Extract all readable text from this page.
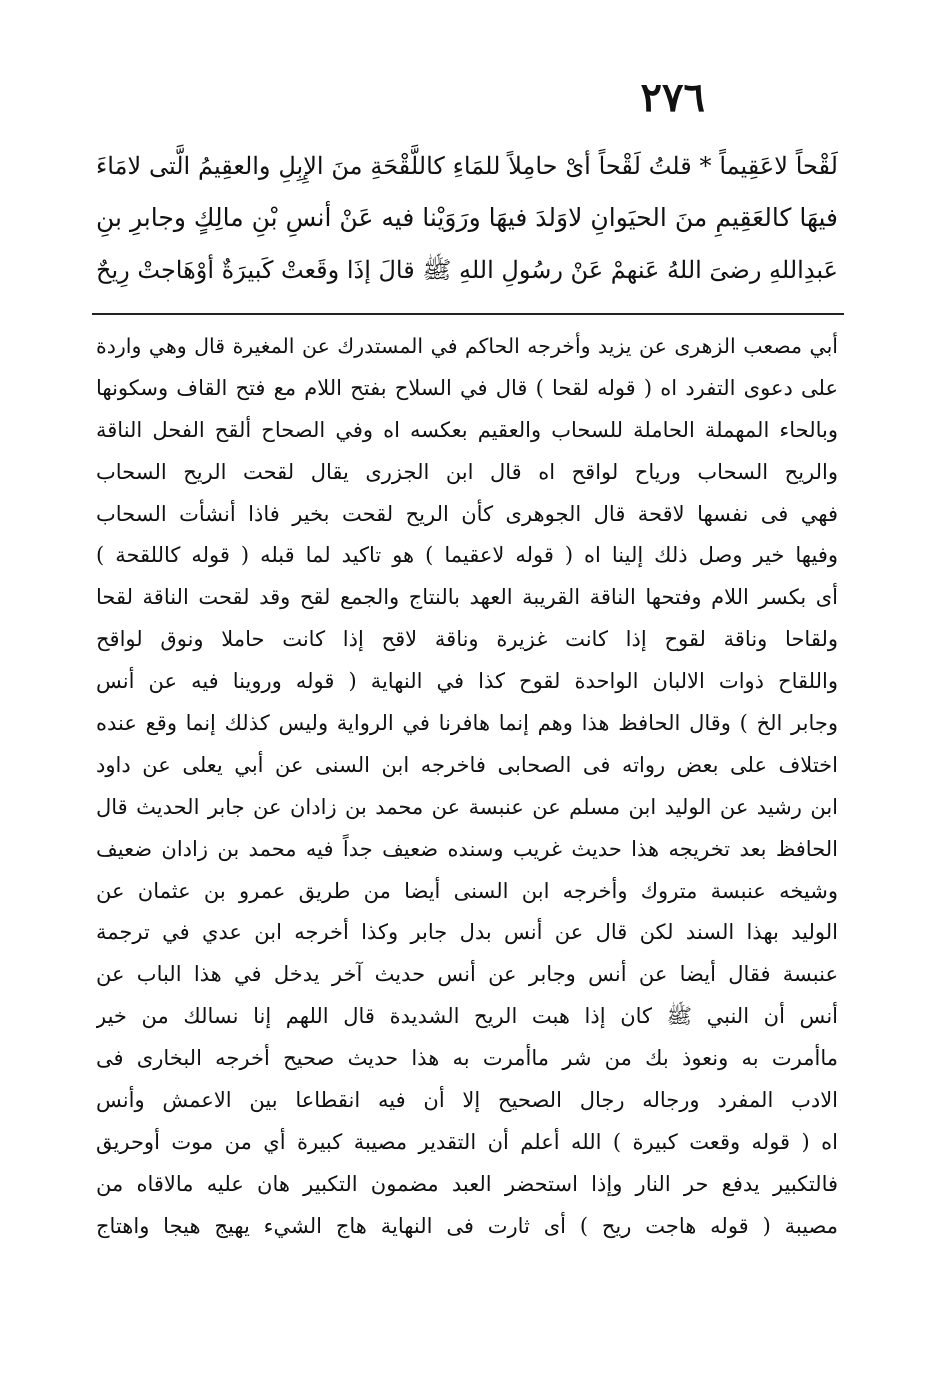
٢٧٦
لَقْحاً لاعَقِيماً * قلتُ لَقْحاً أىْ حامِلاً للمَاءِ كاللَّقْحَةِ منَ الإِبِلِ والعقِيمُ الَّتى لامَاءَ
فيهَا كالعَقِيمِ منَ الحيَوانِ لاوَلدَ فيهَا ورَوَيْنا فيه عَنْ أنسِ بْنِ مالِكٍ وجابرِ بنِ
عَبدِاللهِ رضىَ اللهُ عَنهمْ عَنْ رسُولِ اللهِ ﷺ قالَ إذَا وقَعتْ كَبيرَةٌ أوْهَاجتْ رِيحٌ
أبي مصعب الزهرى عن يزيد وأخرجه الحاكم في المستدرك عن المغيرة قال وهي واردة
على دعوى التفرد اه ( قوله لقحا ) قال في السلاح بفتح اللام مع فتح القاف وسكونها
وبالحاء المهملة الحاملة للسحاب والعقيم بعكسه اه وفي الصحاح ألقح الفحل الناقة
والريح السحاب ورياح لواقح اه قال ابن الجزرى يقال لقحت الريح السحاب
فهي فى نفسها لاقحة قال الجوهرى كأن الريح لقحت بخير فاذا أنشأت السحاب
وفيها خير وصل ذلك إلينا اه ( قوله لاعقيما ) هو تاكيد لما قبله ( قوله كاللقحة )
أى بكسر اللام وفتحها الناقة القريبة العهد بالنتاج والجمع لقح وقد لقحت الناقة لقحا
ولقاحا وناقة لقوح إذا كانت غزيرة وناقة لاقح إذا كانت حاملا ونوق لواقح
واللقاح ذوات الالبان الواحدة لقوح كذا في النهاية ( قوله وروينا فيه عن أنس
وجابر الخ ) وقال الحافظ هذا وهم إنما هافرنا في الرواية وليس كذلك إنما وقع عنده
اختلاف على بعض رواته فى الصحابى فاخرجه ابن السنى عن أبي يعلى عن داود
ابن رشيد عن الوليد ابن مسلم عن عنبسة عن محمد بن زادان عن جابر الحديث قال
الحافظ بعد تخريجه هذا حديث غريب وسنده ضعيف جداً فيه محمد بن زادان ضعيف
وشيخه عنبسة متروك وأخرجه ابن السنى أيضا من طريق عمرو بن عثمان عن
الوليد بهذا السند لكن قال عن أنس بدل جابر وكذا أخرجه ابن عدي في ترجمة
عنبسة فقال أيضا عن أنس وجابر عن أنس حديث آخر يدخل في هذا الباب عن
أنس أن النبي ﷺ كان إذا هبت الريح الشديدة قال اللهم إنا نسالك من خير
ماأمرت به ونعوذ بك من شر ماأمرت به هذا حديث صحيح أخرجه البخارى فى
الادب المفرد ورجاله رجال الصحيح إلا أن فيه انقطاعا بين الاعمش وأنس
اه ( قوله وقعت كبيرة ) الله أعلم أن التقدير مصيبة كبيرة أي من موت أوحريق
فالتكبير يدفع حر النار وإذا استحضر العبد مضمون التكبير هان عليه مالاقاه من
مصيبة ( قوله هاجت ريح ) أى ثارت فى النهاية هاج الشيء يهيج هيجا واهتاج
